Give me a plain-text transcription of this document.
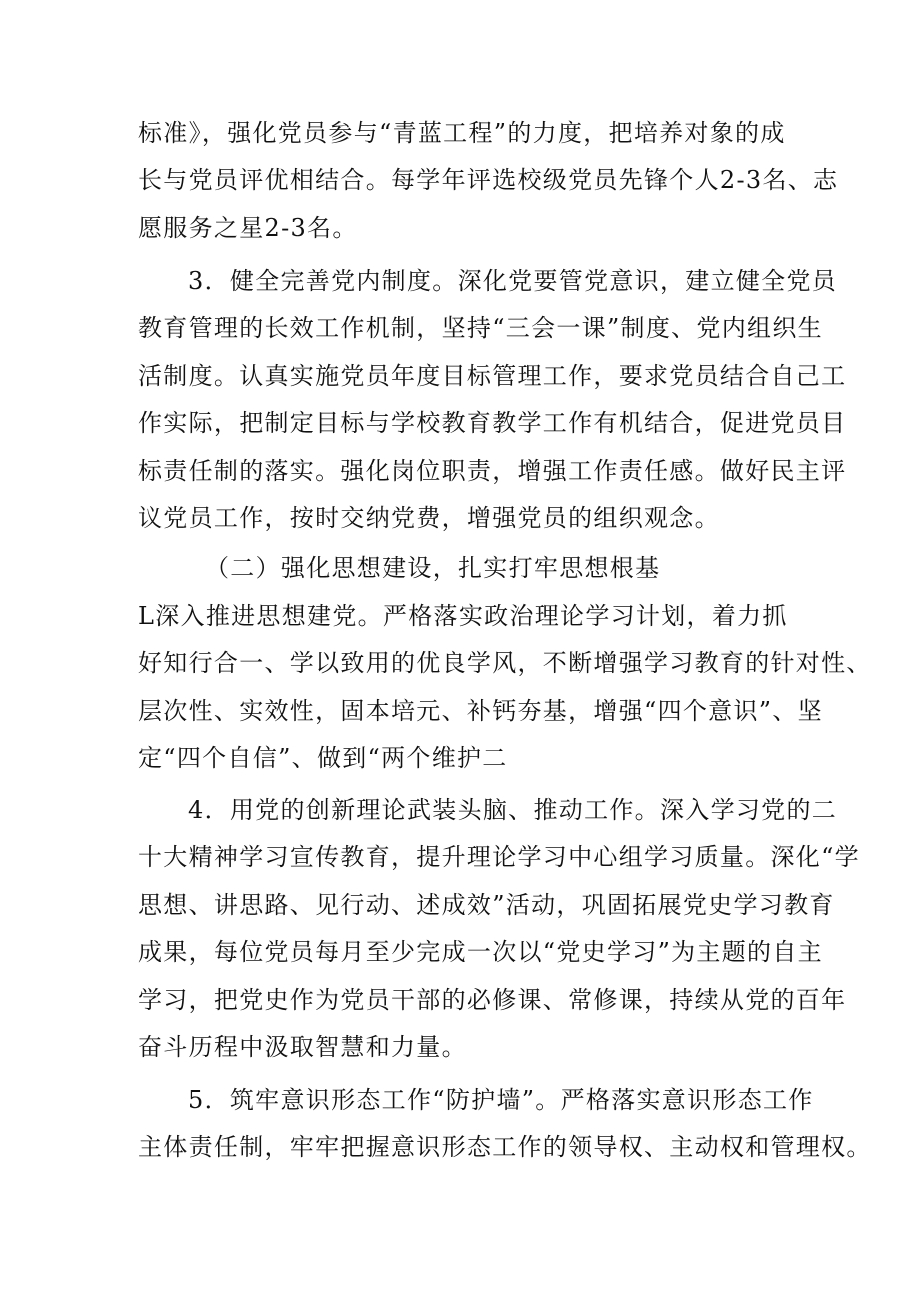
标准》，强化党员参与“青蓝工程”的力度，把培养对象的成
长与党员评优相结合。每学年评选校级党员先锋个人2-3名、志
愿服务之星2-3名。
3．健全完善党内制度。深化党要管党意识，建立健全党员
教育管理的长效工作机制，坚持“三会一课”制度、党内组织生
活制度。认真实施党员年度目标管理工作，要求党员结合自己工
作实际，把制定目标与学校教育教学工作有机结合，促进党员目
标责任制的落实。强化岗位职责，增强工作责任感。做好民主评
议党员工作，按时交纳党费，增强党员的组织观念。
（二）强化思想建设，扎实打牢思想根基
L深入推进思想建党。严格落实政治理论学习计划，着力抓
好知行合一、学以致用的优良学风，不断增强学习教育的针对性、
层次性、实效性，固本培元、补钙夯基，增强“四个意识”、坚
定“四个自信”、做到“两个维护二
4．用党的创新理论武装头脑、推动工作。深入学习党的二
十大精神学习宣传教育，提升理论学习中心组学习质量。深化“学
思想、讲思路、见行动、述成效”活动，巩固拓展党史学习教育
成果，每位党员每月至少完成一次以“党史学习”为主题的自主
学习，把党史作为党员干部的必修课、常修课，持续从党的百年
奋斗历程中汲取智慧和力量。
5．筑牢意识形态工作“防护墙”。严格落实意识形态工作
主体责任制，牢牢把握意识形态工作的领导权、主动权和管理权。
